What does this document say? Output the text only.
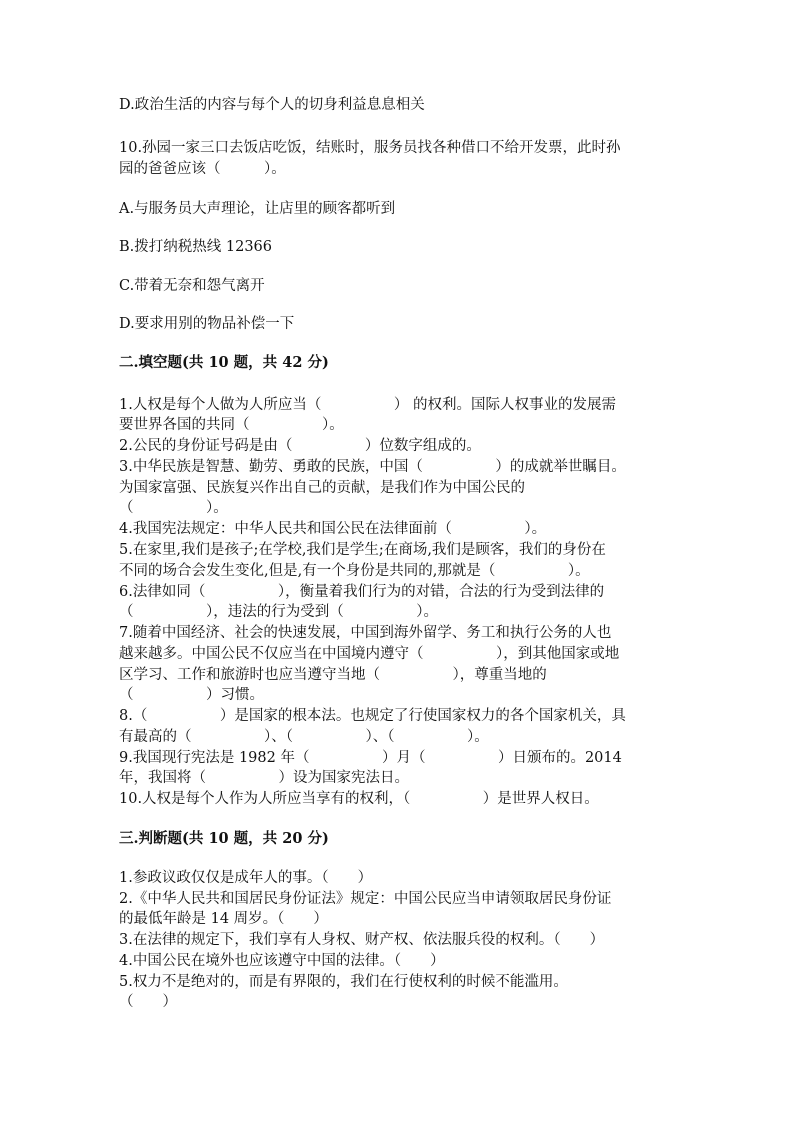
D.政治生活的内容与每个人的切身利益息息相关
10.孙园一家三口去饭店吃饭，结账时，服务员找各种借口不给开发票，此时孙
园的爸爸应该（　　　）。
A.与服务员大声理论，让店里的顾客都听到
B.拨打纳税热线 12366
C.带着无奈和怨气离开
D.要求用别的物品补偿一下
二.填空题(共 10 题，共 42 分)
1.人权是每个人做为人所应当（　　　　　） 的权利。国际人权事业的发展需
要世界各国的共同（　　　　　）。
2.公民的身份证号码是由（　　　　　）位数字组成的。
3.中华民族是智慧、勤劳、勇敢的民族，中国（　　　　　）的成就举世瞩目。
为国家富强、民族复兴作出自己的贡献，是我们作为中国公民的
（　　　　　）。
4.我国宪法规定：中华人民共和国公民在法律面前（　　　　　）。
5.在家里,我们是孩子;在学校,我们是学生;在商场,我们是顾客，我们的身份在
不同的场合会发生变化,但是,有一个身份是共同的,那就是（　　　　　）。
6.法律如同（　　　　　），衡量着我们行为的对错，合法的行为受到法律的
（　　　　　），违法的行为受到（　　　　　）。
7.随着中国经济、社会的快速发展，中国到海外留学、务工和执行公务的人也
越来越多。中国公民不仅应当在中国境内遵守（　　　　　），到其他国家或地
区学习、工作和旅游时也应当遵守当地（　　　　　），尊重当地的
（　　　　　）习惯。
8.（　　　　　）是国家的根本法。也规定了行使国家权力的各个国家机关，具
有最高的（　　　　　）、（　　　　　）、（　　　　　）。
9.我国现行宪法是 1982 年（　　　　　）月（　　　　　）日颁布的。2014
年，我国将（　　　　　）设为国家宪法日。
10.人权是每个人作为人所应当享有的权利，（　　　　　）是世界人权日。
三.判断题(共 10 题，共 20 分)
1.参政议政仅仅是成年人的事。（　　）
2.《中华人民共和国居民身份证法》规定：中国公民应当申请领取居民身份证
的最低年龄是 14 周岁。（　　）
3.在法律的规定下，我们享有人身权、财产权、依法服兵役的权利。（　　）
4.中国公民在境外也应该遵守中国的法律。（　　）
5.权力不是绝对的，而是有界限的，我们在行使权利的时候不能滥用。
（　　）
